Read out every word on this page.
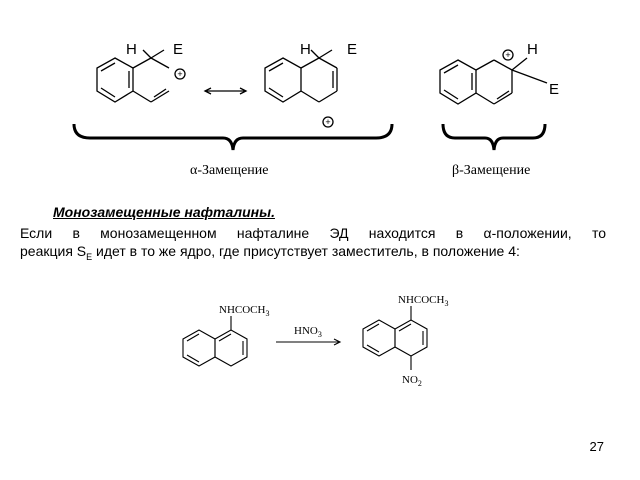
H E	H E	H
E
+
+
+
α-Замещение	β-Замещение
$NHCOCH_3$
$HNO_3$
$NHCOCH_3$
$NO_2$
Монозамещенные нафталины.
Если в монозамещенном нафталине ЭД находится в α-положении, то
реакция $S_E$ идет в то же ядро, где присутствует заместитель, в положение 4:
27
